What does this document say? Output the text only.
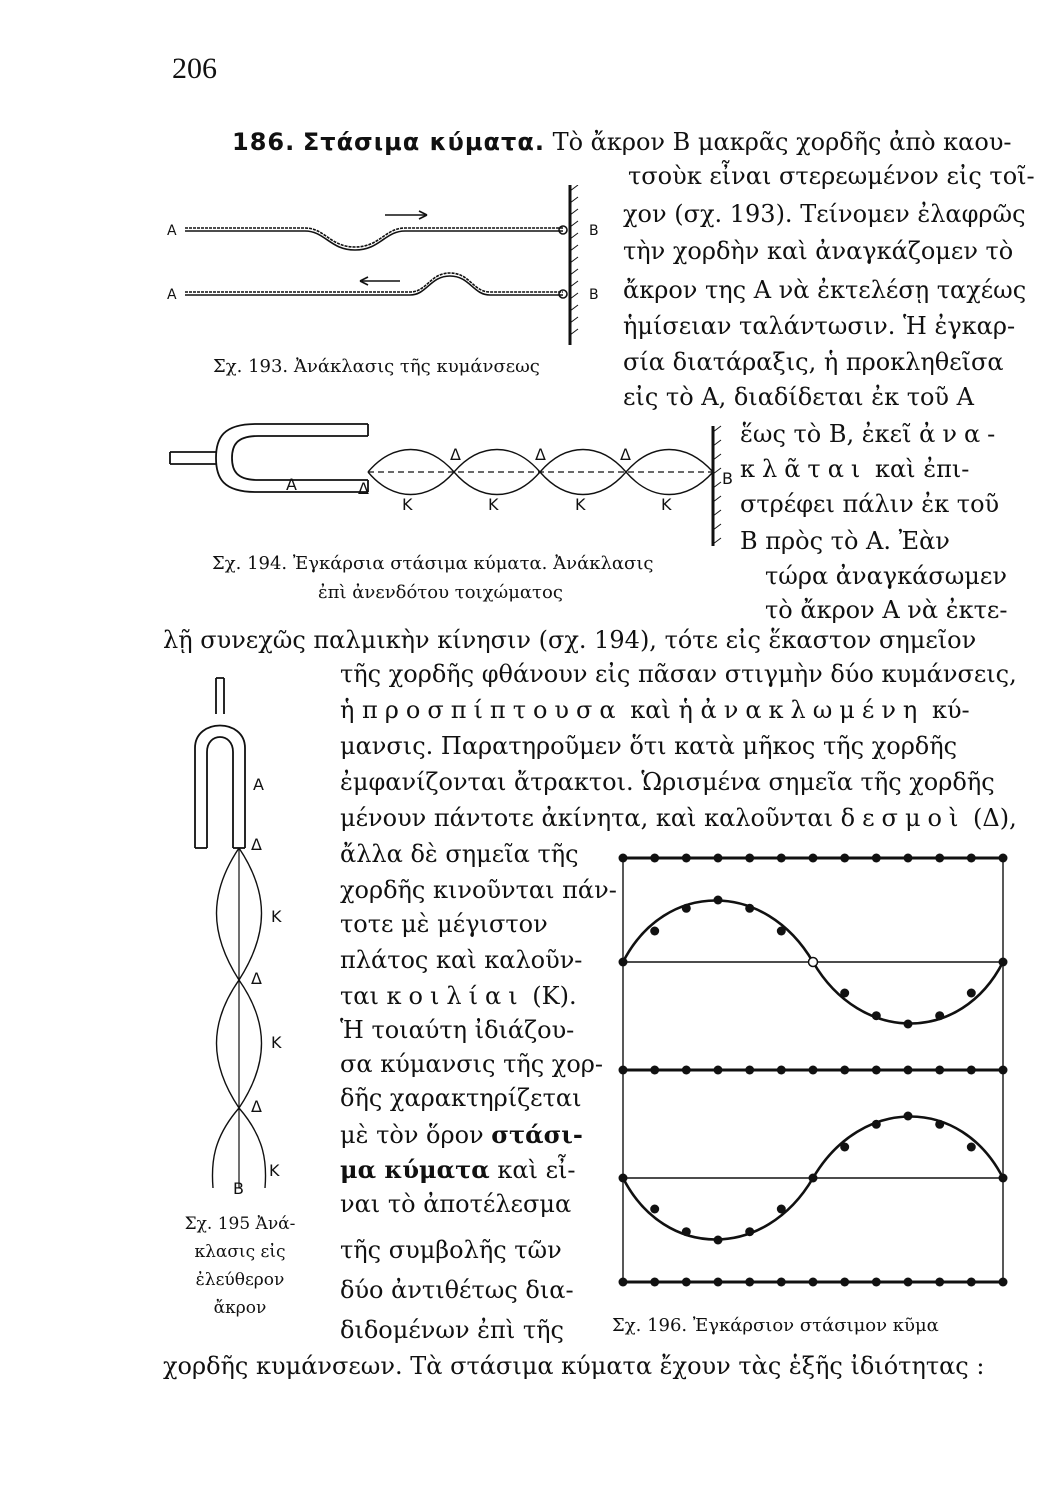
206
186. Στάσιμα κύματα. Τὸ ἄκρον Β μακρᾶς χορδῆς ἀπὸ καου-
τσοὺκ εἶναι στερεωμένον εἰς τοῖ-
χον (σχ. 193). Τείνομεν ἐλαφρῶς
τὴν χορδὴν καὶ ἀναγκάζομεν τὸ
ἄκρον της Α νὰ ἐκτελέσῃ ταχέως
ἡμίσειαν ταλάντωσιν. Ἡ ἐγκαρ-
σία διατάραξις, ἡ προκληθεῖσα
εἰς τὸ Α, διαδίδεται ἐκ τοῦ Α
ἕως τὸ Β, ἐκεῖ ἀνα-
κλᾶται καὶ ἐπι-
στρέφει πάλιν ἐκ τοῦ
Β πρὸς τὸ Α. Ἐὰν
τώρα ἀναγκάσωμεν
τὸ ἄκρον Α νὰ ἐκτε-
λῇ συνεχῶς παλμικὴν κίνησιν (σχ. 194), τότε εἰς ἕκαστον σημεῖον
τῆς χορδῆς φθάνουν εἰς πᾶσαν στιγμὴν δύο κυμάνσεις,
ἡ προσπίπτουσα καὶ ἡ ἀνακλωμένη κύ-
μανσις. Παρατηροῦμεν ὅτι κατὰ μῆκος τῆς χορδῆς
ἐμφανίζονται ἄτρακτοι. Ὡρισμένα σημεῖα τῆς χορδῆς
μένουν πάντοτε ἀκίνητα, καὶ καλοῦνται δεσμοὶ (Δ),
ἄλλα δὲ σημεῖα τῆς
χορδῆς κινοῦνται πάν-
τοτε μὲ μέγιστον
πλάτος καὶ καλοῦν-
ται κοιλίαι (Κ).
Ἡ τοιαύτη ἰδιάζου-
σα κύμανσις τῆς χορ-
δῆς χαρακτηρίζεται
μὲ τὸν ὅρον στάσι-
μα κύματα καὶ εἶ-
ναι τὸ ἀποτέλεσμα
τῆς συμβολῆς τῶν
δύο ἀντιθέτως δια-
διδομένων ἐπὶ τῆς
χορδῆς κυμάνσεων. Τὰ στάσιμα κύματα ἔχουν τὰς ἑξῆς ἰδιότητας :
Σχ. 193. Ἀνάκλασις τῆς κυμάνσεως
Σχ. 194. Ἐγκάρσια στάσιμα κύματα. Ἀνάκλασις
ἐπὶ ἀνενδότου τοιχώματος
Σχ. 195 Ἀνά-
κλασις εἰς
ἐλεύθερον
ἄκρον
Σχ. 196. Ἐγκάρσιον στάσιμον κῦμα
Α
Α
Β
Β
Α	Δ
Δ	Δ	Δ
Κ	Κ	Κ	Κ
Β
Α
Δ
Κ
Δ
Κ
Δ
Κ
Β
